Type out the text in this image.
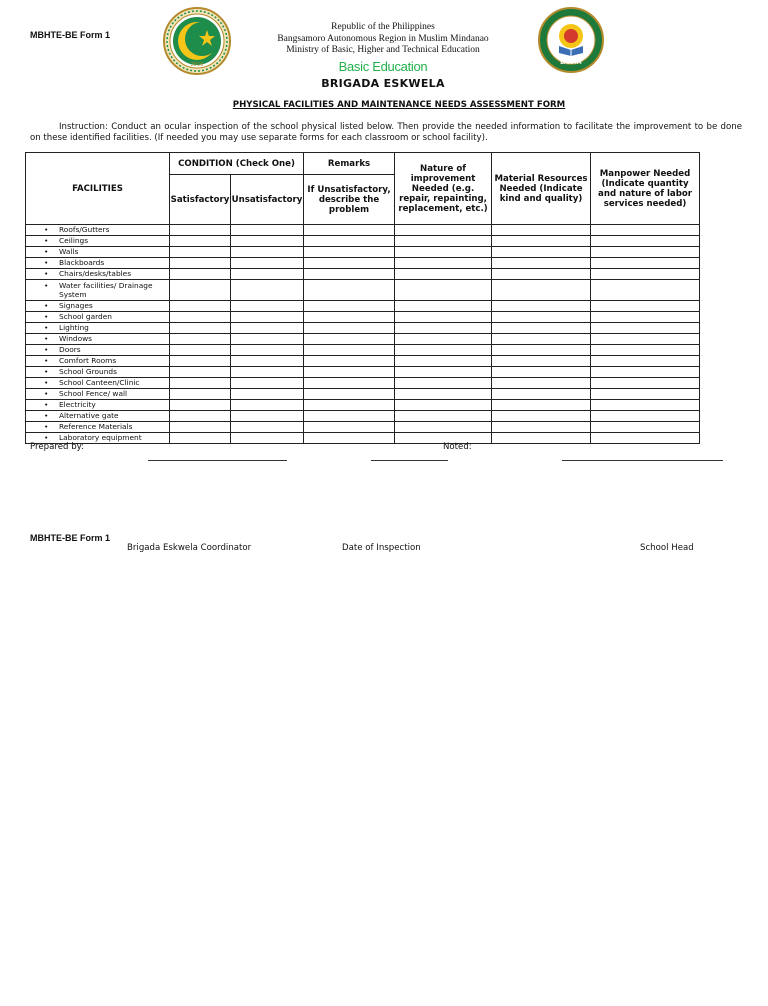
MBHTE-BE Form 1
2019	BARMM
Republic of the Philippines
Bangsamoro Autonomous Region in Muslim Mindanao
Ministry of Basic, Higher and Technical Education
Basic Education
BRIGADA ESKWELA
PHYSICAL FACILITIES AND MAINTENANCE NEEDS ASSESSMENT FORM
Instruction: Conduct an ocular inspection of the school physical listed below. Then provide the needed information to facilitate the improvement to be done on these identified facilities. (If needed you may use separate forms for each classroom or school facility).
FACILITIES	CONDITION (Check One)		Remarks	Nature of improvement Needed (e.g. repair, repainting, replacement, etc.)	Material Resources Needed (Indicate kind and quality)	Manpower Needed (Indicate quantity and nature of labor services needed)
	Satisfactory	Unsatisfactory	If Unsatisfactory, describe the problem			
• Roofs/Gutters						
• Ceilings						
• Walls						
• Blackboards						
• Chairs/desks/tables						
• Water facilities/ Drainage System						
• Signages						
• School garden						
• Lighting						
• Windows						
• Doors						
• Comfort Rooms						
• School Grounds						
• School Canteen/Clinic						
• School Fence/ wall						
• Electricity						
• Alternative gate						
• Reference Materials						
• Laboratory equipment						
Prepared by:	Noted:
MBHTE-BE Form 1
Brigada Eskwela Coordinator	Date of Inspection	School Head
